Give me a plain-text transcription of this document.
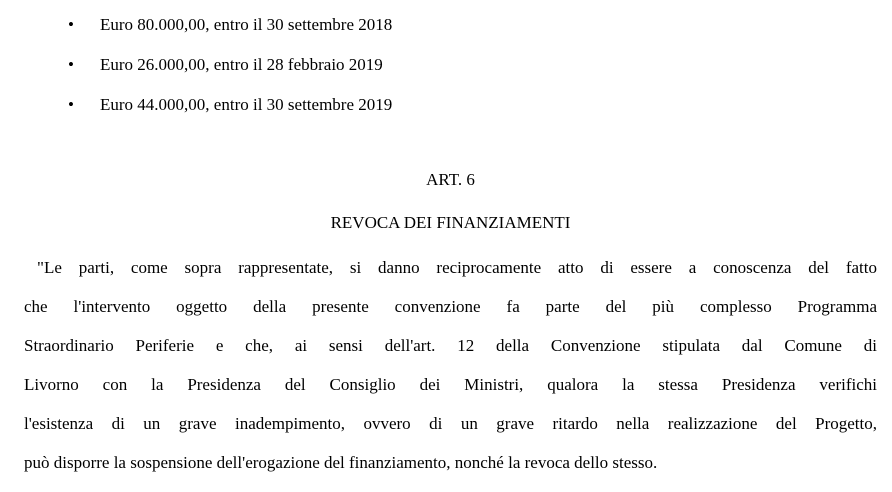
• Euro 80.000,00, entro il 30 settembre 2018
• Euro 26.000,00, entro il 28 febbraio 2019
• Euro 44.000,00, entro il 30 settembre 2019
ART. 6
REVOCA DEI FINANZIAMENTI
"Le parti, come sopra rappresentate, si danno reciprocamente atto di essere a conoscenza del fatto
che l'intervento oggetto della presente convenzione fa parte del più complesso Programma
Straordinario Periferie e che, ai sensi dell'art. 12 della Convenzione stipulata dal Comune di
Livorno con la Presidenza del Consiglio dei Ministri, qualora la stessa Presidenza verifichi
l'esistenza di un grave inadempimento, ovvero di un grave ritardo nella realizzazione del Progetto,
può disporre la sospensione dell'erogazione del finanziamento, nonché la revoca dello stesso.
